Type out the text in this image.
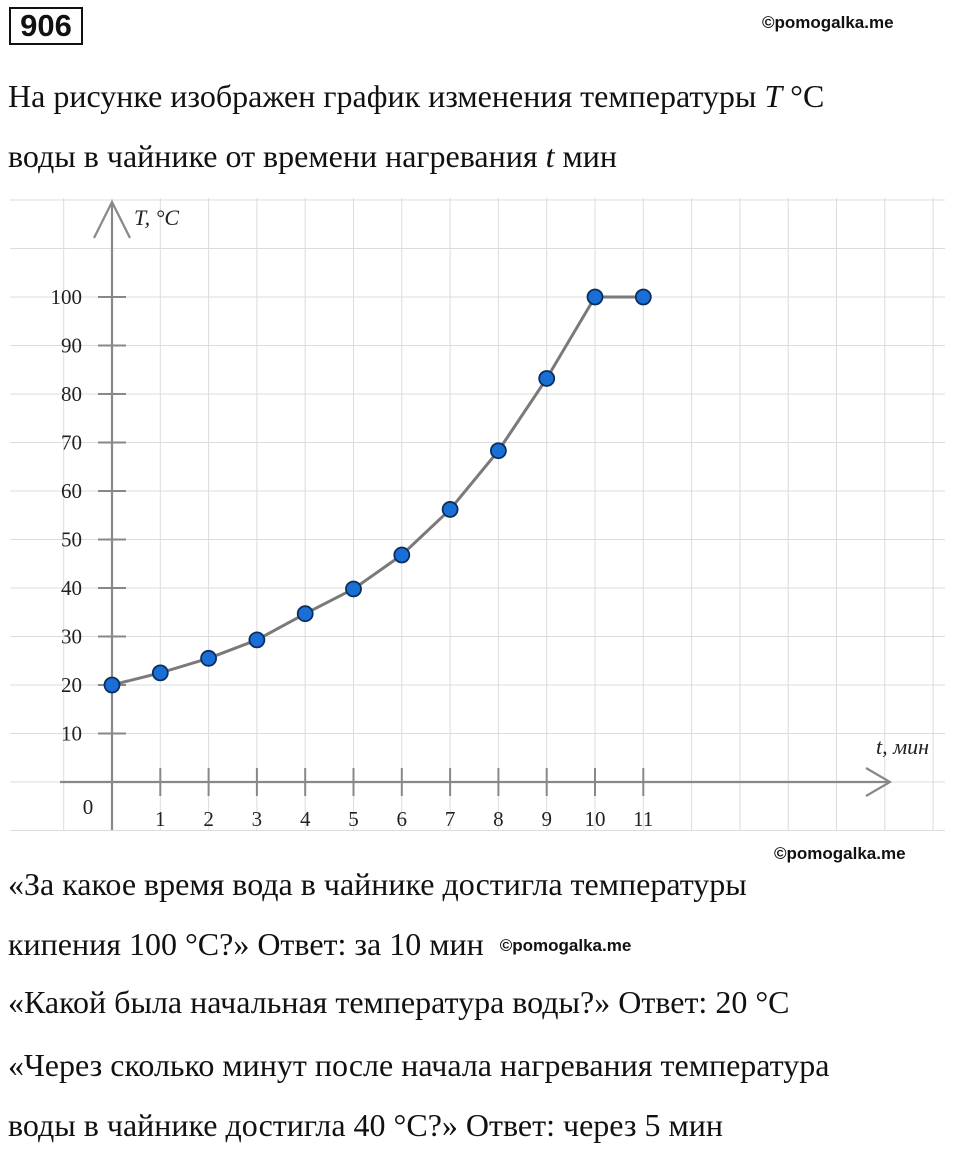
906	©pomogalka.me
На рисунке изображен график изменения температуры T °C
воды в чайнике от времени нагревания t мин
1 2 3 4 5 6 7 8 9 10 11
10
20
30
40
50
60
70
80
90
100
0
t, мин
T, °C
©pomogalka.me
«За какое время вода в чайнике достигла температуры
кипения 100 °C?» Ответ: за 10 мин ©pomogalka.me
«Какой была начальная температура воды?» Ответ: 20 °C
«Через сколько минут после начала нагревания температура
воды в чайнике достигла 40 °C?» Ответ: через 5 мин
